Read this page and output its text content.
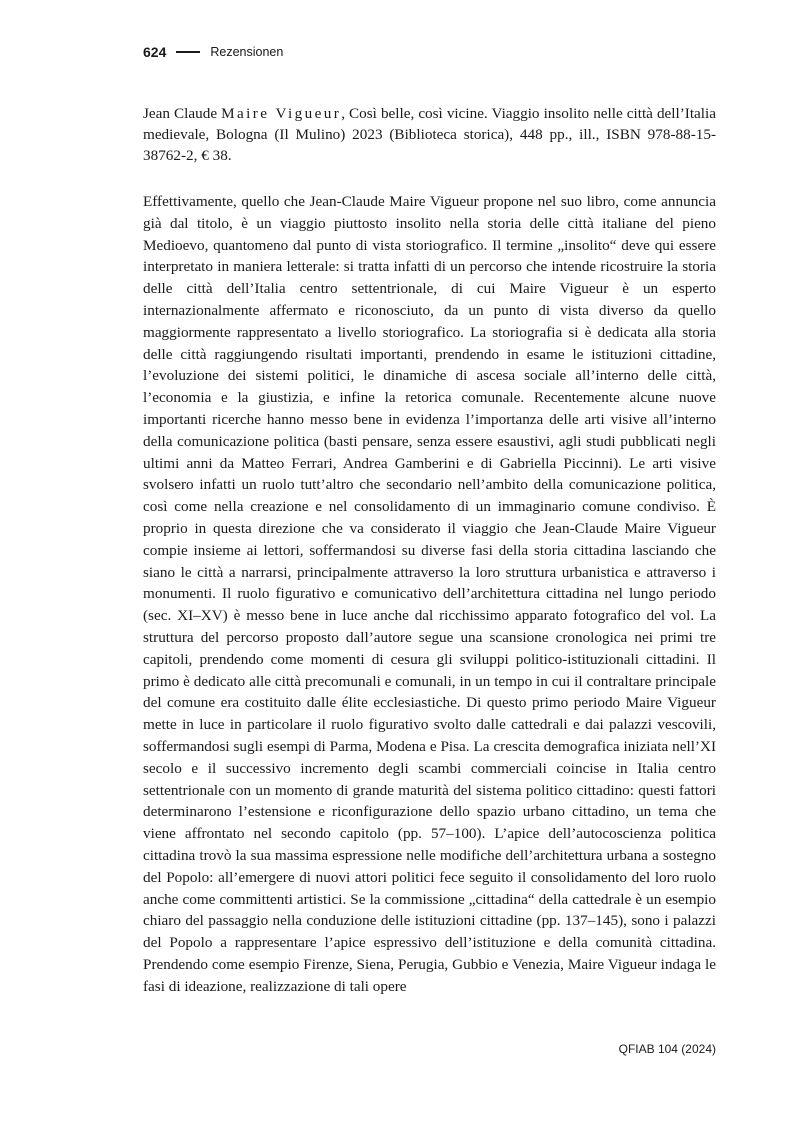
624	Rezensionen
Jean Claude Maire Vigueur, Così belle, così vicine. Viaggio insolito nelle città dell’Italia medievale, Bologna (Il Mulino) 2023 (Biblioteca storica), 448 pp., ill., ISBN 978-88-15-38762-2, € 38.

Effettivamente, quello che Jean-Claude Maire Vigueur propone nel suo libro, come annuncia già dal titolo, è un viaggio piuttosto insolito nella storia delle città italiane del pieno Medioevo, quantomeno dal punto di vista storiografico. Il termine „insolito“ deve qui essere interpretato in maniera letterale: si tratta infatti di un percorso che intende ricostruire la storia delle città dell’Italia centro settentrionale, di cui Maire Vigueur è un esperto internazionalmente affermato e riconosciuto, da un punto di vista diverso da quello maggiormente rappresentato a livello storiografico. La storiografia si è dedicata alla storia delle città raggiungendo risultati importanti, prendendo in esame le istituzioni cittadine, l’evoluzione dei sistemi politici, le dinamiche di ascesa sociale all’interno delle città, l’economia e la giustizia, e infine la retorica comunale. Recentemente alcune nuove importanti ricerche hanno messo bene in evidenza l’importanza delle arti visive all’interno della comunicazione politica (basti pensare, senza essere esaustivi, agli studi pubblicati negli ultimi anni da Matteo Ferrari, Andrea Gamberini e di Gabriella Piccinni). Le arti visive svolsero infatti un ruolo tutt’altro che secondario nell’ambito della comunicazione politica, così come nella creazione e nel consolidamento di un immaginario comune condiviso. È proprio in questa direzione che va considerato il viaggio che Jean-Claude Maire Vigueur compie insieme ai lettori, soffermandosi su diverse fasi della storia cittadina lasciando che siano le città a narrarsi, principalmente attraverso la loro struttura urbanistica e attraverso i monumenti. Il ruolo figurativo e comunicativo dell’architettura cittadina nel lungo periodo (sec. XI–XV) è messo bene in luce anche dal ricchissimo apparato fotografico del vol. La struttura del percorso proposto dall’autore segue una scansione cronologica nei primi tre capitoli, prendendo come momenti di cesura gli sviluppi politico-istituzionali cittadini. Il primo è dedicato alle città precomunali e comunali, in un tempo in cui il contraltare principale del comune era costituito dalle élite ecclesiastiche. Di questo primo periodo Maire Vigueur mette in luce in particolare il ruolo figurativo svolto dalle cattedrali e dai palazzi vescovili, soffermandosi sugli esempi di Parma, Modena e Pisa. La crescita demografica iniziata nell’XI secolo e il successivo incremento degli scambi commerciali coincise in Italia centro settentrionale con un momento di grande maturità del sistema politico cittadino: questi fattori determinarono l’estensione e riconfigurazione dello spazio urbano cittadino, un tema che viene affrontato nel secondo capitolo (pp. 57–100). L’apice dell’autocoscienza politica cittadina trovò la sua massima espressione nelle modifiche dell’architettura urbana a sostegno del Popolo: all’emergere di nuovi attori politici fece seguito il consolidamento del loro ruolo anche come committenti artistici. Se la commissione „cittadina“ della cattedrale è un esempio chiaro del passaggio nella conduzione delle istituzioni cittadine (pp. 137–145), sono i palazzi del Popolo a rappresentare l’apice espressivo dell’istituzione e della comunità cittadina. Prendendo come esempio Firenze, Siena, Perugia, Gubbio e Venezia, Maire Vigueur indaga le fasi di ideazione, realizzazione di tali opere

QFIAB 104 (2024)
